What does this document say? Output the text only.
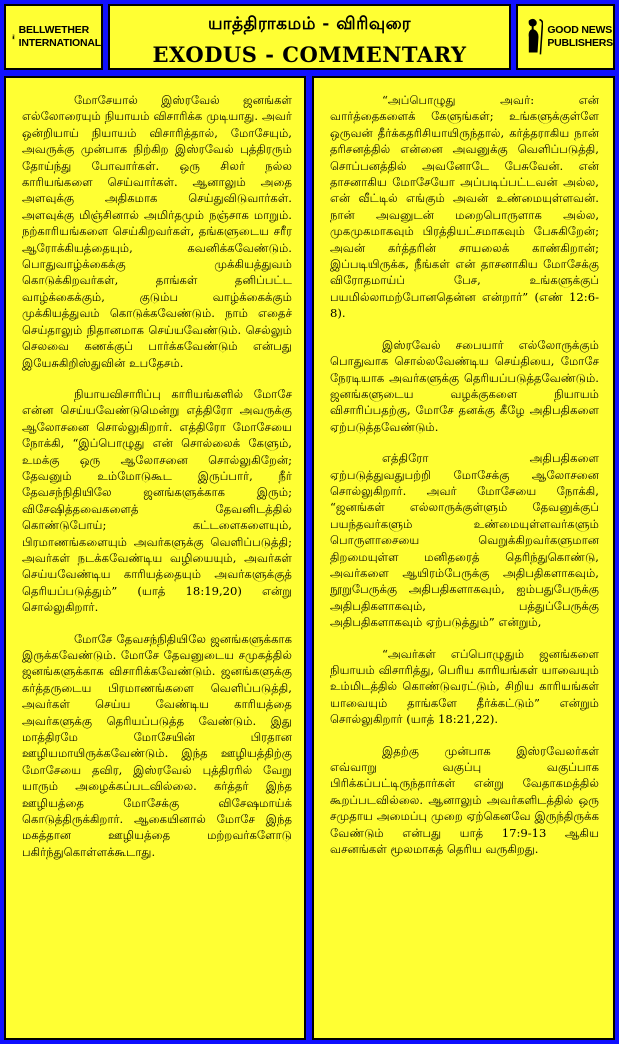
BELLWETHER
INTERNATIONAL
யாத்திராகமம் - விரிவுரை
EXODUS - COMMENTARY
GOOD NEWS
PUBLISHERS

மோசேயால் இஸ்ரவேல் ஜனங்கள் எல்லோரையும் நியாயம் விசாரிக்க முடியாது. அவர் ஒன்றியாய் நியாயம் விசாரித்தால், மோசேயும், அவருக்கு முன்பாக நிற்கிற இஸ்ரவேல் புத்திரரும் தோய்ந்து போவார்கள். ஒரு சிலர் நல்ல காரியங்களை செய்வார்கள். ஆனாலும் அதை அளவுக்கு அதிகமாக செய்துவிடுவார்கள். அளவுக்கு மிஞ்சினால் அமிர்தமும் நஞ்சாக மாறும். நற்காரியங்களை செய்கிறவர்கள், தங்களுடைய சரீர ஆரோக்கியத்தையும், கவனிக்கவேண்டும். பொதுவாழ்க்கைக்கு முக்கியத்துவம் கொடுக்கிறவர்கள், தாங்கள் தனிப்பட்ட வாழ்க்கைக்கும், குடும்ப வாழ்க்கைக்கும் முக்கியத்துவம் கொடுக்கவேண்டும். நாம் எதைச் செய்தாலும் நிதானமாக செய்யவேண்டும். செல்லும் செலவை கணக்குப் பார்க்கவேண்டும் என்பது இயேசுகிறிஸ்துவின் உபதேசம்.

நியாயவிசாரிப்பு காரியங்களில் மோசே என்ன செய்யவேண்டுமென்று எத்திரோ அவருக்கு ஆலோசனை சொல்லுகிறார். எத்திரோ மோசேயை நோக்கி, “இப்பொழுது என் சொல்லைக் கேளும், உமக்கு ஒரு ஆலோசனை சொல்லுகிறேன்; தேவனும் உம்மோடுகூட இருப்பார், நீர் தேவசந்நிதியிலே ஜனங்களுக்காக இரும்; விசேஷித்தவைகளைத் தேவனிடத்தில் கொண்டுபோய்; கட்டளைகளையும், பிரமாணங்களையும் அவர்களுக்கு வெளிப்படுத்தி; அவர்கள் நடக்கவேண்டிய வழியையும், அவர்கள் செய்யவேண்டிய காரியத்தையும் அவர்களுக்குத் தெரியப்படுத்தும்” (யாத் 18:19,20) என்று சொல்லுகிறார்.

மோசே தேவசந்நிதியிலே ஜனங்களுக்காக இருக்கவேண்டும். மோசே தேவனுடைய சமுகத்தில் ஜனங்களுக்காக விசாரிக்கவேண்டும். ஜனங்களுக்கு கர்த்தருடைய பிரமாணங்களை வெளிப்படுத்தி, அவர்கள் செய்ய வேண்டிய காரியத்தை அவர்களுக்கு தெரியப்படுத்த வேண்டும். இது மாத்திரமே மோசேயின் பிரதான ஊழியமாயிருக்கவேண்டும். இந்த ஊழியத்திற்கு மோசேயை தவிர, இஸ்ரவேல் புத்திரரில் வேறு யாரும் அழைக்கப்படவில்லை. கர்த்தர் இந்த ஊழியத்தை மோசேக்கு விசேஷமாய்க் கொடுத்திருக்கிறார். ஆகையினால் மோசே இந்த மகத்தான ஊழியத்தை மற்றவர்களோடு பகிர்ந்துகொள்ளக்கூடாது.

“அப்பொழுது அவர்: என் வார்த்தைகளைக் கேளுங்கள்; உங்களுக்குள்ளே ஒருவன் தீர்க்கதரிசியாயிருந்தால், கர்த்தராகிய நான் தரிசனத்தில் என்னை அவனுக்கு வெளிப்படுத்தி, சொப்பனத்தில் அவனோடே பேசுவேன். என் தாசனாகிய மோசேயோ அப்படிப்பட்டவன் அல்ல, என் வீட்டில் எங்கும் அவன் உண்மையுள்ளவன். நான் அவனுடன் மறைபொருளாக அல்ல, முகமுகமாகவும் பிரத்தியட்சமாகவும் பேசுகிறேன்; அவன் கர்த்தரின் சாயலைக் காண்கிறான்; இப்படியிருக்க, நீங்கள் என் தாசனாகிய மோசேக்கு விரோதமாய்ப் பேச, உங்களுக்குப் பயமில்லாமற்போனதென்ன என்றார்” (எண் 12:6-8).

இஸ்ரவேல் சபையார் எல்லோருக்கும் பொதுவாக சொல்லவேண்டிய செய்தியை, மோசே நேரடியாக அவர்களுக்கு தெரியப்படுத்தவேண்டும். ஜனங்களுடைய வழக்குகளை நியாயம் விசாரிப்பதற்கு, மோசே தனக்கு கீழே அதிபதிகளை ஏற்படுத்தவேண்டும்.

எத்திரோ அதிபதிகளை ஏற்படுத்துவதுபற்றி மோசேக்கு ஆலோசனை சொல்லுகிறார். அவர் மோசேயை நோக்கி, “ஜனங்கள் எல்லாருக்குள்ளும் தேவனுக்குப் பயந்தவர்களும் உண்மையுள்ளவர்களும் பொருளாசையை வெறுக்கிறவர்களுமான திறமையுள்ள மனிதரைத் தெரிந்துகொண்டு, அவர்களை ஆயிரம்பேருக்கு அதிபதிகளாகவும், நூறுபேருக்கு அதிபதிகளாகவும், ஐம்பதுபேருக்கு அதிபதிகளாகவும், பத்துப்பேருக்கு அதிபதிகளாகவும் ஏற்படுத்தும்” என்றும்,

“அவர்கள் எப்பொழுதும் ஜனங்களை நியாயம் விசாரித்து, பெரிய காரியங்கள் யாவையும் உம்மிடத்தில் கொண்டுவரட்டும், சிறிய காரியங்கள் யாவையும் தாங்களே தீர்க்கட்டும்” என்றும் சொல்லுகிறார் (யாத் 18:21,22).

இதற்கு முன்பாக இஸ்ரவேலர்கள் எவ்வாறு வகுப்பு வகுப்பாக பிரிக்கப்பட்டிருந்தார்கள் என்று வேதாகமத்தில் கூறப்படவில்லை. ஆனாலும் அவர்களிடத்தில் ஒரு சமுதாய அமைப்பு முறை ஏற்கெனவே இருந்திருக்க வேண்டும் என்பது யாத் 17:9-13 ஆகிய வசனங்கள் மூலமாகத் தெரிய வருகிறது.
